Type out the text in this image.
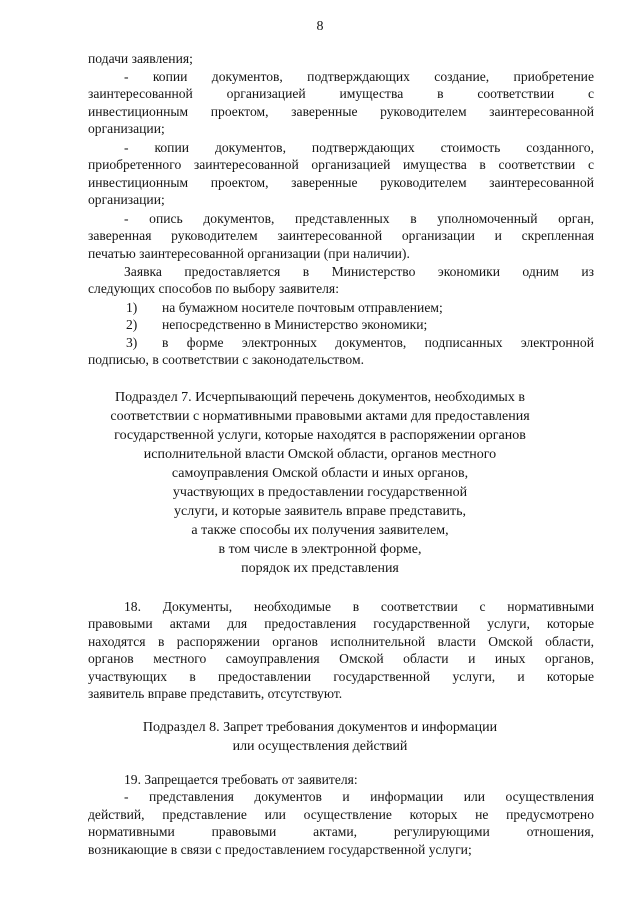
8
подачи заявления;
- копии документов, подтверждающих создание, приобретение
заинтересованной организацией имущества в соответствии с
инвестиционным проектом, заверенные руководителем заинтересованной
организации;
- копии документов, подтверждающих стоимость созданного,
приобретенного заинтересованной организацией имущества в соответствии с
инвестиционным проектом, заверенные руководителем заинтересованной
организации;
- опись документов, представленных в уполномоченный орган,
заверенная руководителем заинтересованной организации и скрепленная
печатью заинтересованной организации (при наличии).
Заявка предоставляется в Министерство экономики одним из
следующих способов по выбору заявителя:
1)	на бумажном носителе почтовым отправлением;
2)	непосредственно в Министерство экономики;
3)	в форме электронных документов, подписанных электронной
подписью, в соответствии с законодательством.
Подраздел 7. Исчерпывающий перечень документов, необходимых в
соответствии с нормативными правовыми актами для предоставления
государственной услуги, которые находятся в распоряжении органов
исполнительной власти Омской области, органов местного
самоуправления Омской области и иных органов,
участвующих в предоставлении государственной
услуги, и которые заявитель вправе представить,
а также способы их получения заявителем,
в том числе в электронной форме,
порядок их представления
18. Документы, необходимые в соответствии с нормативными
правовыми актами для предоставления государственной услуги, которые
находятся в распоряжении органов исполнительной власти Омской области,
органов местного самоуправления Омской области и иных органов,
участвующих в предоставлении государственной услуги, и которые
заявитель вправе представить, отсутствуют.
Подраздел 8. Запрет требования документов и информации
или осуществления действий
19. Запрещается требовать от заявителя:
- представления документов и информации или осуществления
действий, представление или осуществление которых не предусмотрено
нормативными правовыми актами, регулирующими отношения,
возникающие в связи с предоставлением государственной услуги;
